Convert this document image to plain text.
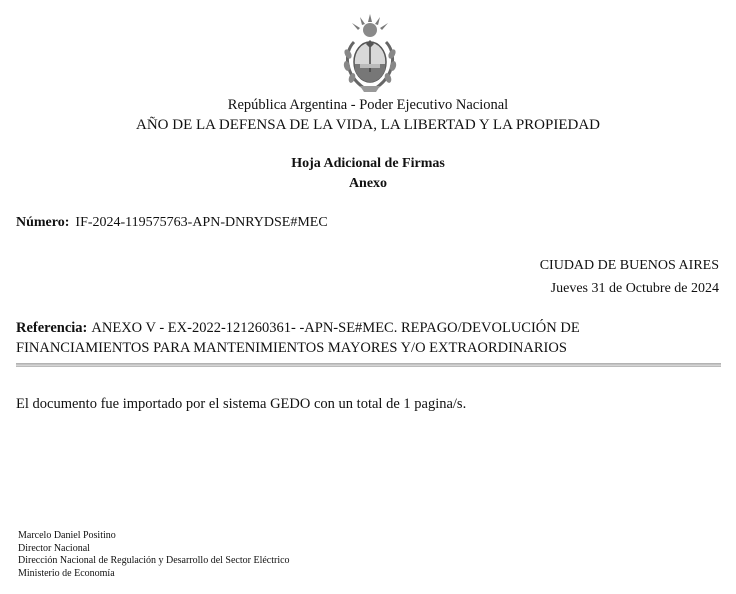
República Argentina - Poder Ejecutivo Nacional
AÑO DE LA DEFENSA DE LA VIDA, LA LIBERTAD Y LA PROPIEDAD
Hoja Adicional de Firmas
Anexo
Número: IF-2024-119575763-APN-DNRYDSE#MEC
CIUDAD DE BUENOS AIRES
Jueves 31 de Octubre de 2024
Referencia: ANEXO V - EX-2022-121260361- -APN-SE#MEC. REPAGO/DEVOLUCIÓN DE FINANCIAMIENTOS PARA MANTENIMIENTOS MAYORES Y/O EXTRAORDINARIOS
El documento fue importado por el sistema GEDO con un total de 1 pagina/s.
Marcelo Daniel Positino
Director Nacional
Dirección Nacional de Regulación y Desarrollo del Sector Eléctrico
Ministerio de Economía
